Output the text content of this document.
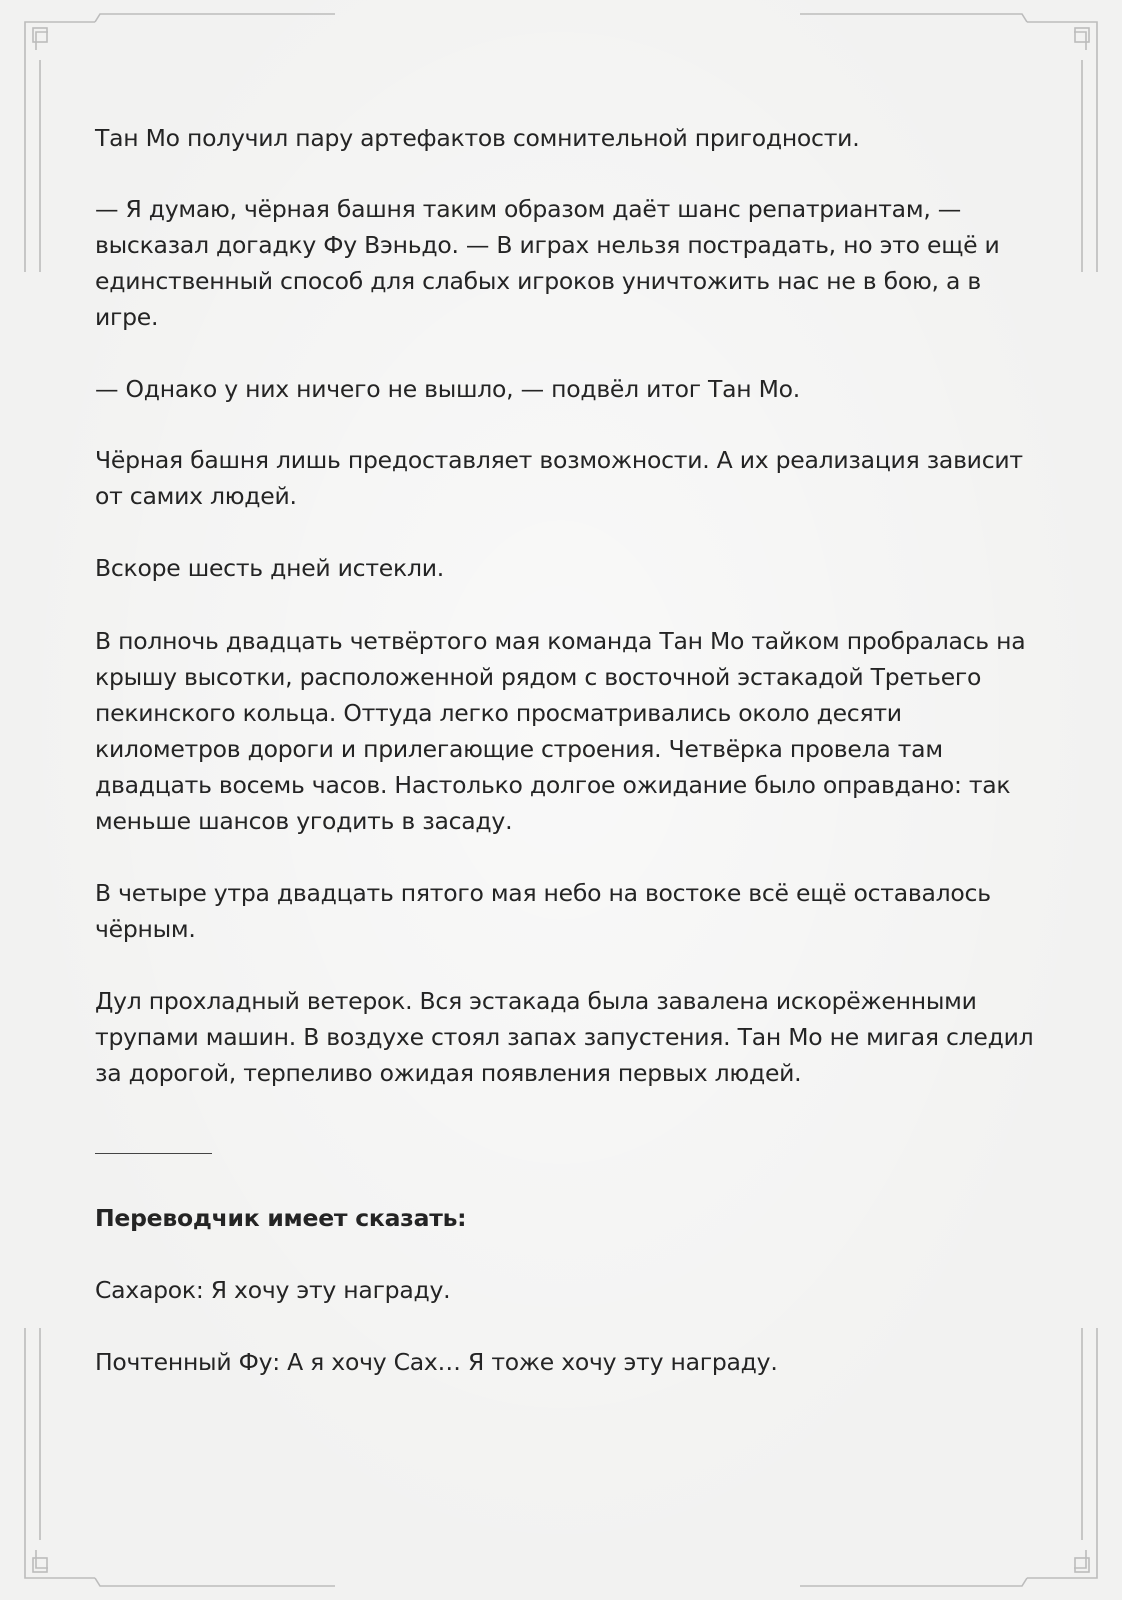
Тан Мо получил пару артефактов сомнительной пригодности.

— Я думаю, чёрная башня таким образом даёт шанс репатриантам, — высказал догадку Фу Вэньдо. — В играх нельзя пострадать, но это ещё и единственный способ для слабых игроков уничтожить нас не в бою, а в игре.

— Однако у них ничего не вышло, — подвёл итог Тан Мо.

Чёрная башня лишь предоставляет возможности. А их реализация зависит от самих людей.

Вскоре шесть дней истекли.

В полночь двадцать четвёртого мая команда Тан Мо тайком пробралась на крышу высотки, расположенной рядом с восточной эстакадой Третьего пекинского кольца. Оттуда легко просматривались около десяти километров дороги и прилегающие строения. Четвёрка провела там двадцать восемь часов. Настолько долгое ожидание было оправдано: так меньше шансов угодить в засаду.

В четыре утра двадцать пятого мая небо на востоке всё ещё оставалось чёрным.

Дул прохладный ветерок. Вся эстакада была завалена искорёженными трупами машин. В воздухе стоял запах запустения. Тан Мо не мигая следил за дорогой, терпеливо ожидая появления первых людей.

Переводчик имеет сказать:

Сахарок: Я хочу эту награду.

Почтенный Фу: А я хочу Сах… Я тоже хочу эту награду.
